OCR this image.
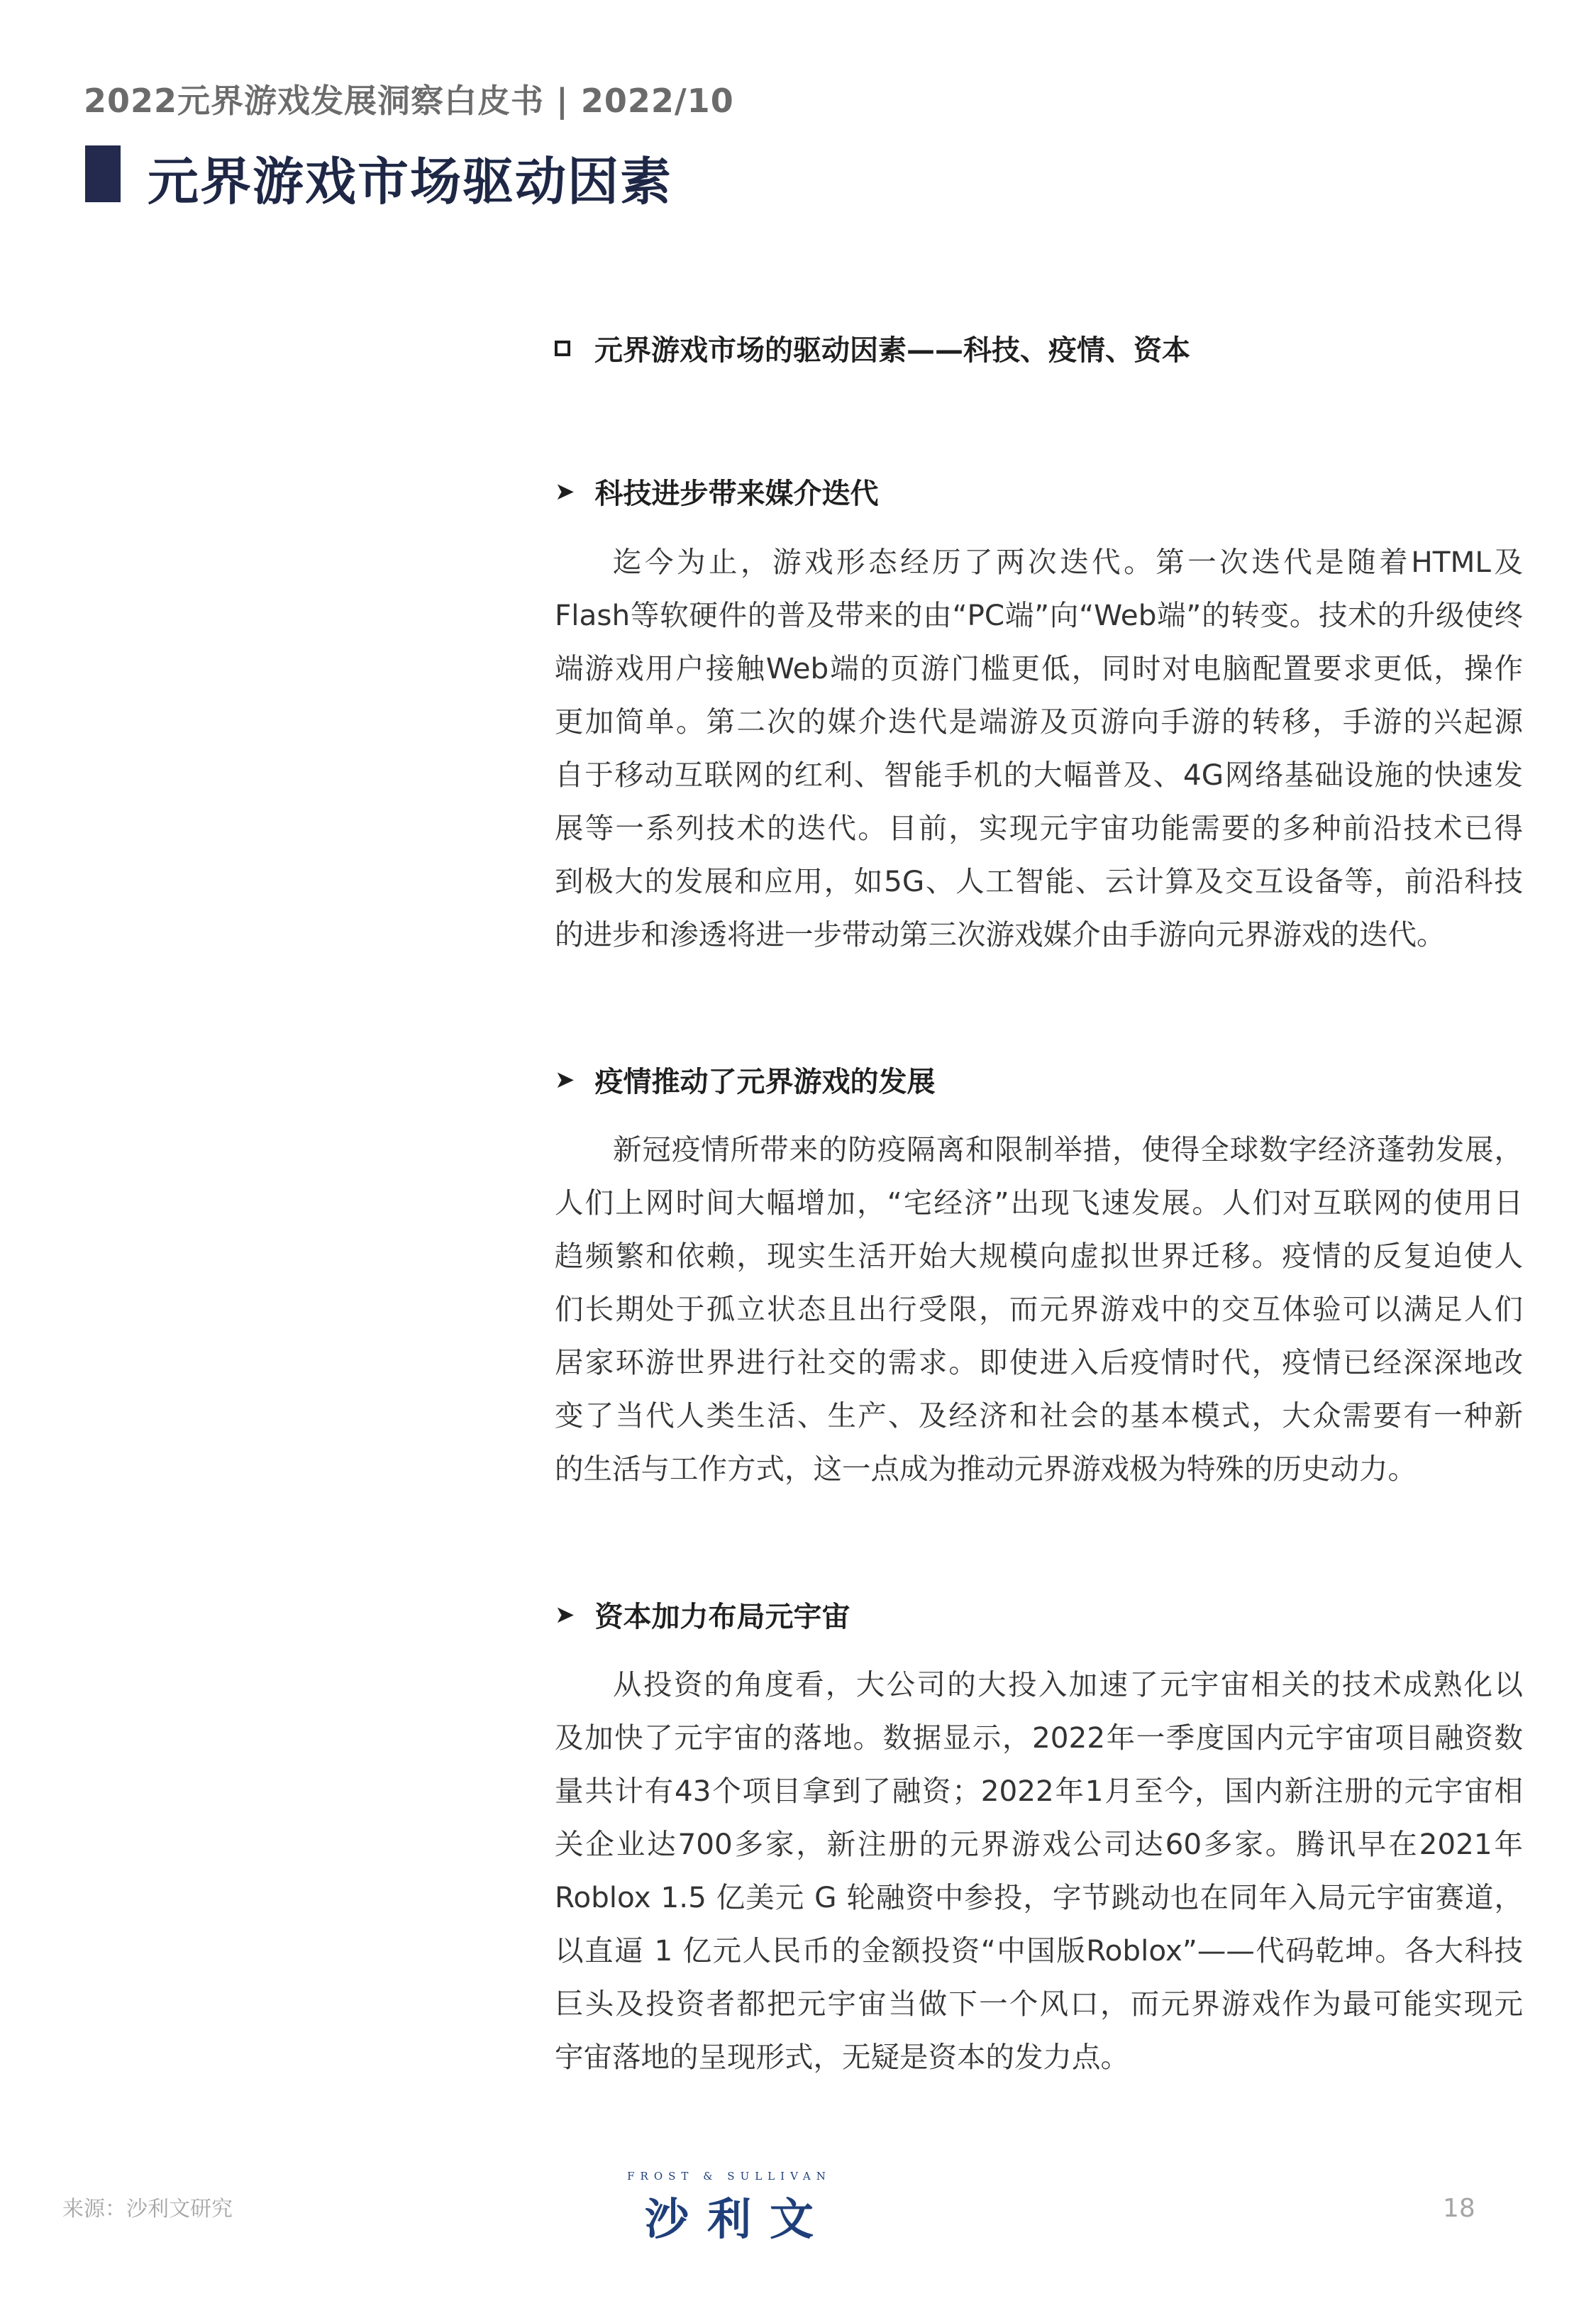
2022元界游戏发展洞察白皮书 | 2022/10
元界游戏市场驱动因素
元界游戏市场的驱动因素——科技、疫情、资本
➤ 科技进步带来媒介迭代
迄今为止，游戏形态经历了两次迭代。第一次迭代是随着HTML及
Flash等软硬件的普及带来的由“PC端”向“Web端”的转变。技术的升级使终
端游戏用户接触Web端的页游门槛更低，同时对电脑配置要求更低，操作
更加简单。第二次的媒介迭代是端游及页游向手游的转移，手游的兴起源
自于移动互联网的红利、智能手机的大幅普及、4G网络基础设施的快速发
展等一系列技术的迭代。目前，实现元宇宙功能需要的多种前沿技术已得
到极大的发展和应用，如5G、人工智能、云计算及交互设备等，前沿科技
的进步和渗透将进一步带动第三次游戏媒介由手游向元界游戏的迭代。
➤ 疫情推动了元界游戏的发展
新冠疫情所带来的防疫隔离和限制举措，使得全球数字经济蓬勃发展，
人们上网时间大幅增加，“宅经济”出现飞速发展。人们对互联网的使用日
趋频繁和依赖，现实生活开始大规模向虚拟世界迁移。疫情的反复迫使人
们长期处于孤立状态且出行受限，而元界游戏中的交互体验可以满足人们
居家环游世界进行社交的需求。即使进入后疫情时代，疫情已经深深地改
变了当代人类生活、生产、及经济和社会的基本模式，大众需要有一种新
的生活与工作方式，这一点成为推动元界游戏极为特殊的历史动力。
➤ 资本加力布局元宇宙
从投资的角度看，大公司的大投入加速了元宇宙相关的技术成熟化以
及加快了元宇宙的落地。数据显示，2022年一季度国内元宇宙项目融资数
量共计有43个项目拿到了融资；2022年1月至今，国内新注册的元宇宙相
关企业达700多家，新注册的元界游戏公司达60多家。腾讯早在2021年
Roblox 1.5 亿美元 G 轮融资中参投，字节跳动也在同年入局元宇宙赛道，
以直逼 1 亿元人民币的金额投资“中国版Roblox”——代码乾坤。各大科技
巨头及投资者都把元宇宙当做下一个风口，而元界游戏作为最可能实现元
宇宙落地的呈现形式，无疑是资本的发力点。
来源：沙利文研究
FROST & SULLIVAN
沙利文	18
